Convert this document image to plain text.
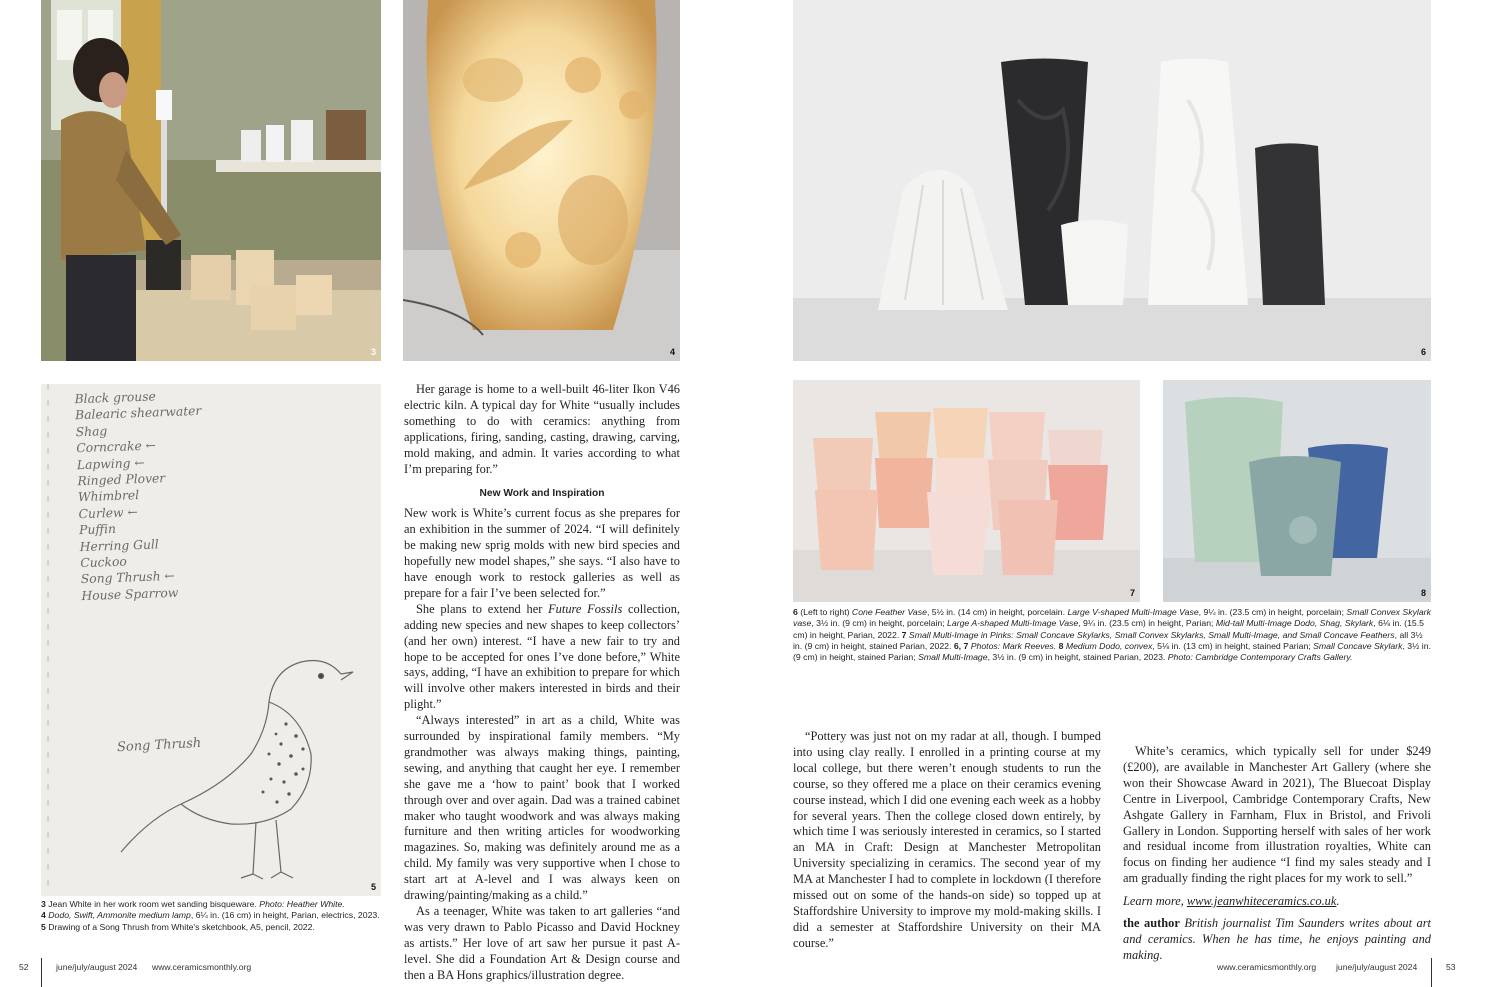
3	4
5
Black grouse
Balearic shearwater
Shag
Corncrake ←
Lapwing ←
Ringed Plover
Whimbrel
Curlew ←
Puffin
Herring Gull
Cuckoo
Song Thrush ←
House Sparrow
Song Thrush
3 Jean White in her work room wet sanding bisqueware. Photo: Heather White.
4 Dodo, Swift, Ammonite medium lamp, 6¼ in. (16 cm) in height, Parian, electrics, 2023. 5 Drawing of a Song Thrush from White's sketchbook, A5, pencil, 2022.

Her garage is home to a well-built 46-liter Ikon V46 electric kiln. A typical day for White “usually includes something to do with ceramics: anything from applications, firing, sanding, casting, drawing, carving, mold making, and admin. It varies according to what I’m preparing for.”

New Work and Inspiration

New work is White’s current focus as she prepares for an exhibition in the summer of 2024. “I will definitely be making new sprig molds with new bird species and hopefully new model shapes,” she says. “I also have to have enough work to restock galleries as well as prepare for a fair I’ve been selected for.”

She plans to extend her Future Fossils collection, adding new species and new shapes to keep collectors’ (and her own) interest. “I have a new fair to try and hope to be accepted for ones I’ve done before,” White says, adding, “I have an exhibition to prepare for which will involve other makers interested in birds and their plight.”

“Always interested” in art as a child, White was surrounded by inspirational family members. “My grandmother was always making things, painting, sewing, and anything that caught her eye. I remember she gave me a ‘how to paint’ book that I worked through over and over again. Dad was a trained cabinet maker who taught woodwork and was always making furniture and then writing articles for woodworking magazines. So, making was definitely around me as a child. My family was very supportive when I chose to start art at A-level and I was always keen on drawing/painting/making as a child.”

As a teenager, White was taken to art galleries “and was very drawn to Pablo Picasso and David Hockney as artists.” Her love of art saw her pursue it past A-level. She did a Foundation Art & Design course and then a BA Hons graphics/illustration degree.

52	june/july/august 2024 www.ceramicsmonthly.org
6
7	8
6 (Left to right) Cone Feather Vase, 5½ in. (14 cm) in height, porcelain. Large V-shaped Multi-Image Vase, 9¼ in. (23.5 cm) in height, porcelain; Small Convex Skylark vase, 3½ in. (9 cm) in height, porcelain; Large A-shaped Multi-Image Vase, 9¼ in. (23.5 cm) in height, Parian; Mid-tall Multi-Image Dodo, Shag, Skylark, 6⅛ in. (15.5 cm) in height, Parian, 2022. 7 Small Multi-Image in Pinks: Small Concave Skylarks, Small Convex Skylarks, Small Multi-Image, and Small Concave Feathers, all 3½ in. (9 cm) in height, stained Parian, 2022. 6, 7 Photos: Mark Reeves. 8 Medium Dodo, convex, 5⅛ in. (13 cm) in height, stained Parian; Small Concave Skylark, 3½ in. (9 cm) in height, stained Parian; Small Multi-Image, 3½ in. (9 cm) in height, stained Parian, 2023. Photo: Cambridge Contemporary Crafts Gallery.

“Pottery was just not on my radar at all, though. I bumped into using clay really. I enrolled in a printing course at my local college, but there weren’t enough students to run the course, so they offered me a place on their ceramics evening course instead, which I did one evening each week as a hobby for several years. Then the college closed down entirely, by which time I was seriously interested in ceramics, so I started an MA in Craft: Design at Manchester Metropolitan University specializing in ceramics. The second year of my MA at Manchester I had to complete in lockdown (I therefore missed out on some of the hands-on side) so topped up at Staffordshire University to improve my mold-making skills. I did a semester at Staffordshire University on their MA course.”

White’s ceramics, which typically sell for under $249 (£200), are available in Manchester Art Gallery (where she won their Showcase Award in 2021), The Bluecoat Display Centre in Liverpool, Cambridge Contemporary Crafts, New Ashgate Gallery in Farnham, Flux in Bristol, and Frivoli Gallery in London. Supporting herself with sales of her work and residual income from illustration royalties, White can focus on finding her audience “I find my sales steady and I am gradually finding the right places for my work to sell.”

Learn more, www.jeanwhiteceramics.co.uk.

the author British journalist Tim Saunders writes about art and ceramics. When he has time, he enjoys painting and making.

www.ceramicsmonthly.org june/july/august 2024	53
